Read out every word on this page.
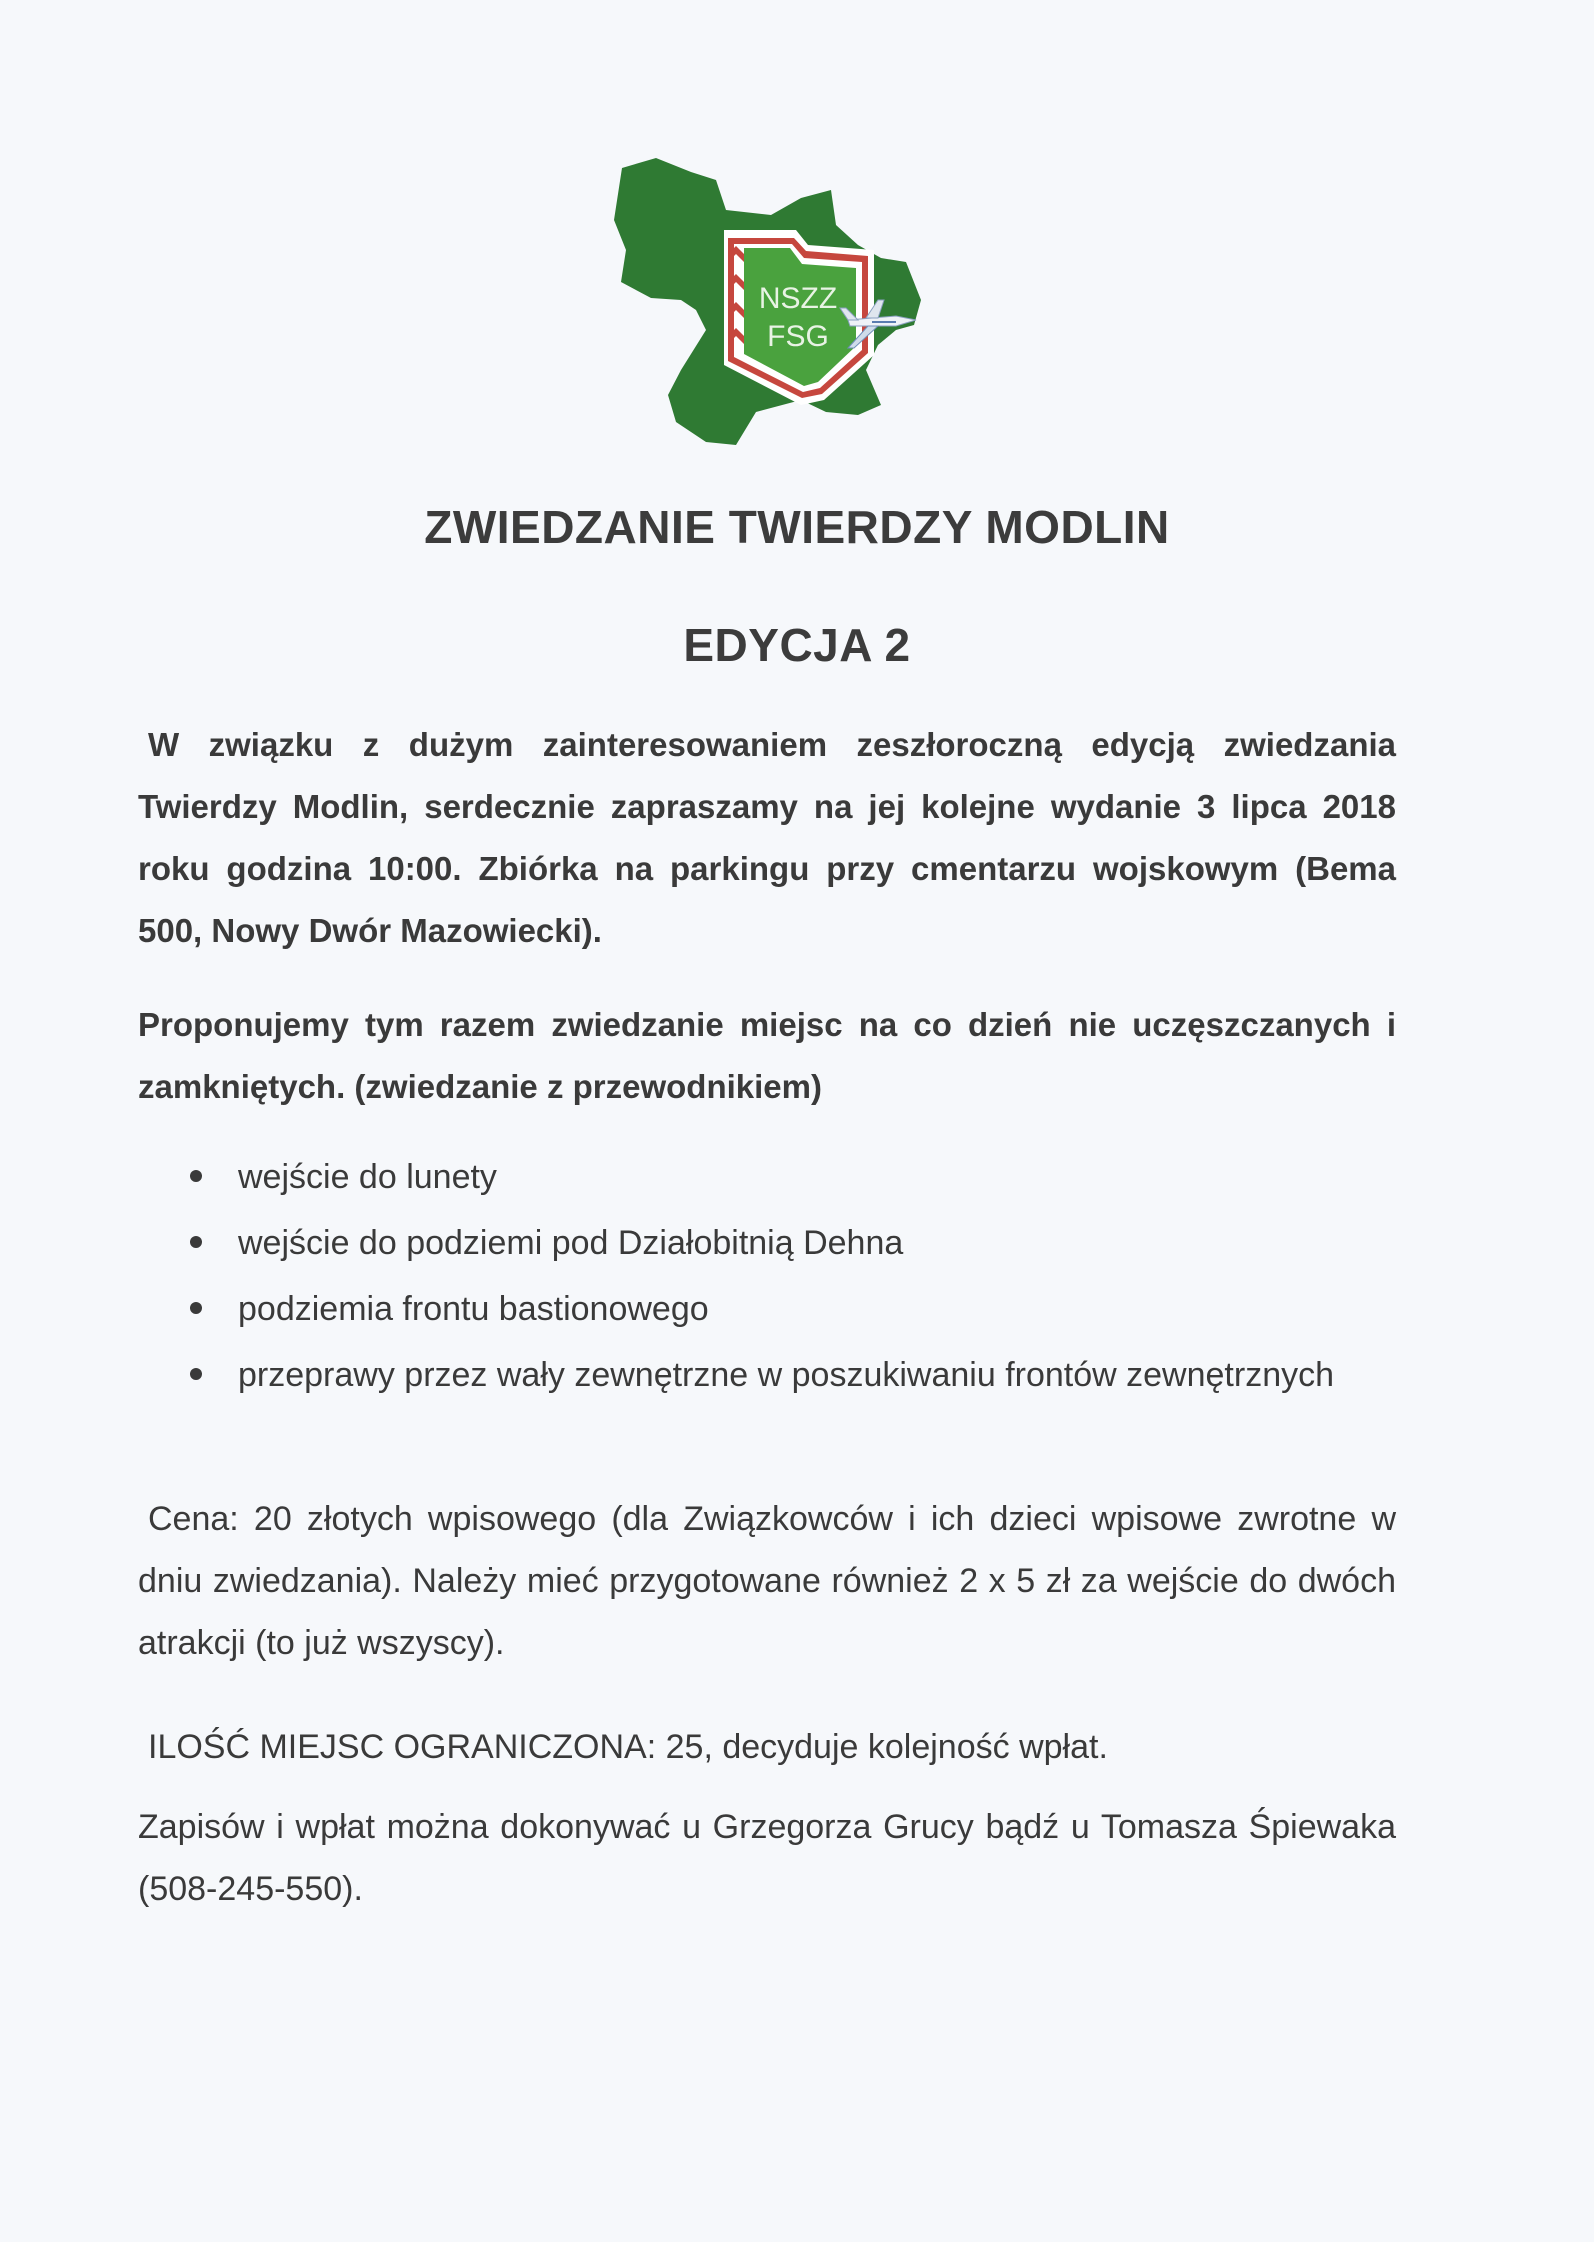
NSZZ
FSG
ZWIEDZANIE TWIERDZY MODLIN
EDYCJA 2

W związku z dużym zainteresowaniem zeszłoroczną edycją zwiedzania Twierdzy Modlin, serdecznie zapraszamy na jej kolejne wydanie 3 lipca 2018 roku godzina 10:00. Zbiórka na parkingu przy cmentarzu wojskowym (Bema 500, Nowy Dwór Mazowiecki).

Proponujemy tym razem zwiedzanie miejsc na co dzień nie uczęszczanych i zamkniętych. (zwiedzanie z przewodnikiem)

wejście do lunety
wejście do podziemi pod Działobitnią Dehna
podziemia frontu bastionowego
przeprawy przez wały zewnętrzne w poszukiwaniu frontów zewnętrznych

Cena: 20 złotych wpisowego (dla Związkowców i ich dzieci wpisowe zwrotne w dniu zwiedzania). Należy mieć przygotowane również 2 x 5 zł za wejście do dwóch atrakcji (to już wszyscy).

ILOŚĆ MIEJSC OGRANICZONA: 25, decyduje kolejność wpłat.

Zapisów i wpłat można dokonywać u Grzegorza Grucy bądź u Tomasza Śpiewaka (508-245-550).
